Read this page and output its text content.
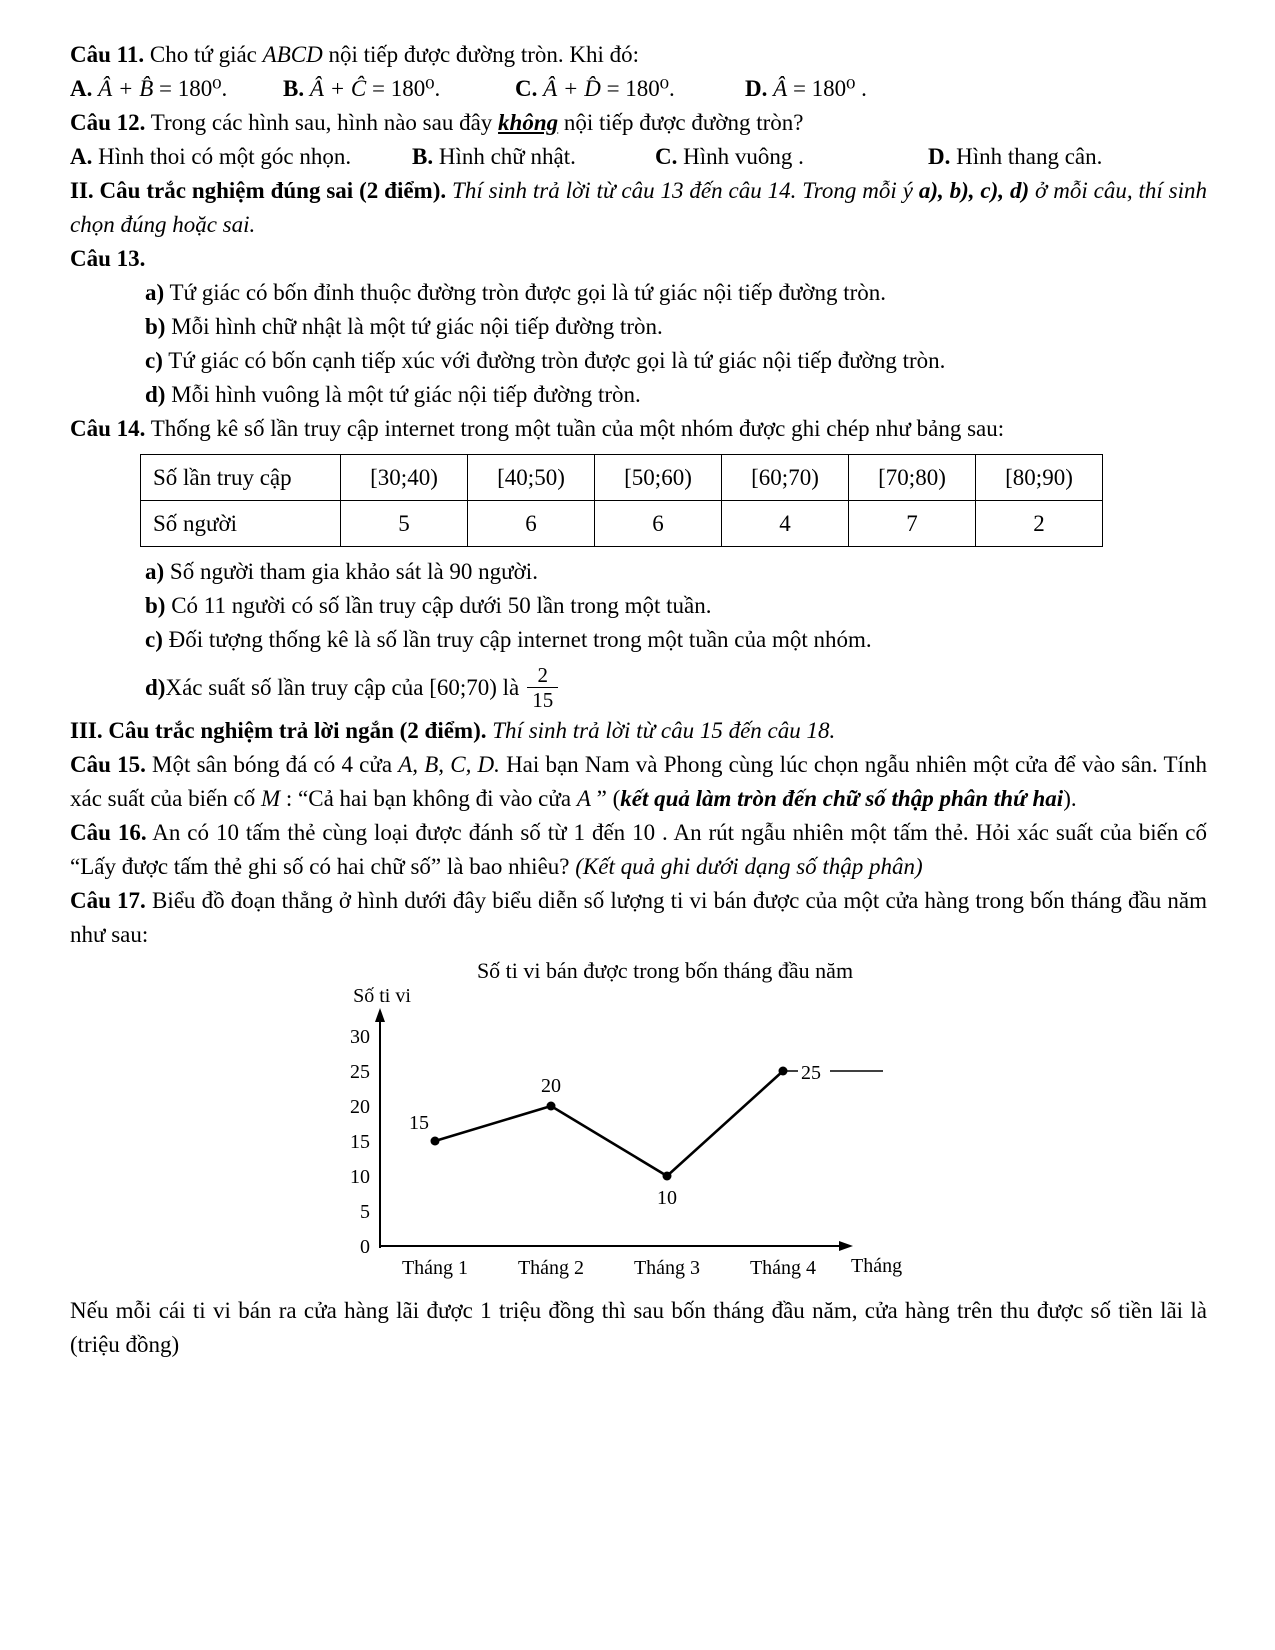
Câu 11. Cho tứ giác ABCD nội tiếp được đường tròn. Khi đó:

A. Â + B̂ = 180⁰.	B. Â + Ĉ = 180⁰.	C. Â + D̂ = 180⁰.	D. Â = 180⁰ .

Câu 12. Trong các hình sau, hình nào sau đây không nội tiếp được đường tròn?

A. Hình thoi có một góc nhọn.	B. Hình chữ nhật.	C. Hình vuông .	D. Hình thang cân.

II. Câu trắc nghiệm đúng sai (2 điểm). Thí sinh trả lời từ câu 13 đến câu 14. Trong mỗi ý a), b), c), d) ở mỗi câu, thí sinh chọn đúng hoặc sai.

Câu 13.

a) Tứ giác có bốn đỉnh thuộc đường tròn được gọi là tứ giác nội tiếp đường tròn.

b) Mỗi hình chữ nhật là một tứ giác nội tiếp đường tròn.

c) Tứ giác có bốn cạnh tiếp xúc với đường tròn được gọi là tứ giác nội tiếp đường tròn.

d) Mỗi hình vuông là một tứ giác nội tiếp đường tròn.

Câu 14. Thống kê số lần truy cập internet trong một tuần của một nhóm được ghi chép như bảng sau:

Số lần truy cập	[30;40)	[40;50)	[50;60)	[60;70)	[70;80)	[80;90)
Số người	5	6	6	4	7	2

a) Số người tham gia khảo sát là 90 người.

b) Có 11 người có số lần truy cập dưới 50 lần trong một tuần.

c) Đối tượng thống kê là số lần truy cập internet trong một tuần của một nhóm.

d) Xác suất số lần truy cập của [60;70) là $\frac{2}{15}$

III. Câu trắc nghiệm trả lời ngắn (2 điểm). Thí sinh trả lời từ câu 15 đến câu 18.

Câu 15. Một sân bóng đá có 4 cửa A, B, C, D. Hai bạn Nam và Phong cùng lúc chọn ngẫu nhiên một cửa để vào sân. Tính xác suất của biến cố M : “Cả hai bạn không đi vào cửa A ” (kết quả làm tròn đến chữ số thập phân thứ hai).

Câu 16. An có 10 tấm thẻ cùng loại được đánh số từ 1 đến 10 . An rút ngẫu nhiên một tấm thẻ. Hỏi xác suất của biến cố “Lấy được tấm thẻ ghi số có hai chữ số” là bao nhiêu? (Kết quả ghi dưới dạng số thập phân)

Câu 17. Biểu đồ đoạn thẳng ở hình dưới đây biểu diễn số lượng ti vi bán được của một cửa hàng trong bốn tháng đầu năm như sau:

Số ti vi bán được trong bốn tháng đầu năm
0
5
10
15
20
25
30
Tháng 1 Tháng 2 Tháng 3 Tháng 4 Tháng
Số ti vi
15
20
10
25

Nếu mỗi cái ti vi bán ra cửa hàng lãi được 1 triệu đồng thì sau bốn tháng đầu năm, cửa hàng trên thu được số tiền lãi là (triệu đồng)
